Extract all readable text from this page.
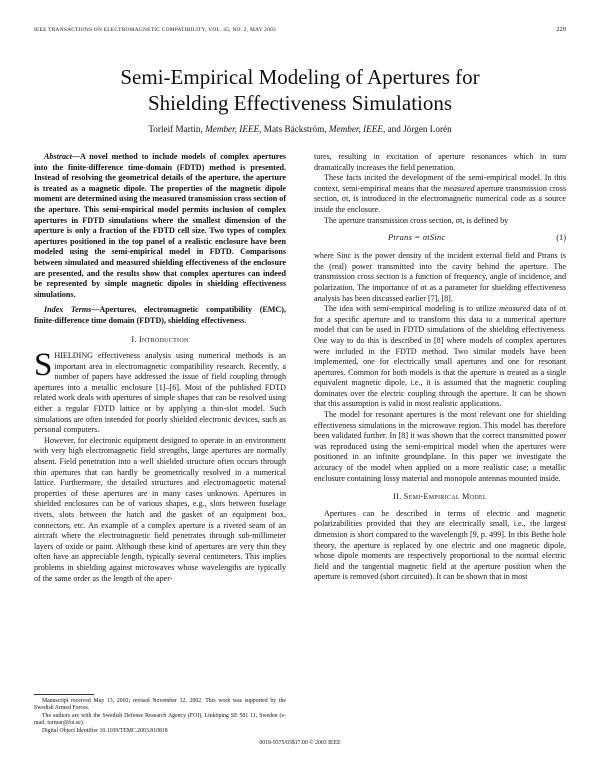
IEEE TRANSACTIONS ON ELECTROMAGNETIC COMPATIBILITY, VOL. 45, NO. 2, MAY 2003	229
Semi-Empirical Modeling of Apertures for
Shielding Effectiveness Simulations
Torleif Martin, Member, IEEE, Mats Bäckström, Member, IEEE, and Jörgen Lorén

Abstract—A novel method to include models of complex apertures into the finite-difference time-domain (FDTD) method is presented. Instead of resolving the geometrical details of the aperture, the aperture is treated as a magnetic dipole. The properties of the magnetic dipole moment are determined using the measured transmission cross section of the aperture. This semi-empirical model permits inclusion of complex apertures in FDTD simulations where the smallest dimension of the aperture is only a fraction of the FDTD cell size. Two types of complex apertures positioned in the top panel of a realistic enclosure have been modeled using the semi-empirical model in FDTD. Comparisons between simulated and measured shielding effectiveness of the enclosure are presented, and the results show that complex apertures can indeed be represented by simple magnetic dipoles in shielding effectiveness simulations.

Index Terms—Apertures, electromagnetic compatibility (EMC), finite-difference time domain (FDTD), shielding effectiveness.

I. Introduction

SHIELDING effectiveness analysis using numerical methods is an important area in electromagnetic compatibility research. Recently, a number of papers have addressed the issue of field coupling through apertures into a metallic enclosure [1]–[6]. Most of the published FDTD related work deals with apertures of simple shapes that can be resolved using either a regular FDTD lattice or by applying a thin-slot model. Such simulations are often intended for poorly shielded electronic devices, such as personal computers.

However, for electronic equipment designed to operate in an environment with very high electromagnetic field strengths, large apertures are normally absent. Field penetration into a well shielded structure often occurs through thin apertures that can hardly be geometrically resolved in a numerical lattice. Furthermore, the detailed structures and electromagnetic material properties of these apertures are in many cases unknown. Apertures in shielded enclosures can be of various shapes, e.g., slots between fuselage rivets, slots between the hatch and the gasket of an equipment box, connectors, etc. An example of a complex aperture is a riveted seam of an aircraft where the electromagnetic field penetrates through sub-millimeter layers of oxide or paint. Although these kind of apertures are very thin they often have an appreciable length, typically several centimeters. This implies problems in shielding against microwaves whose wavelengths are typically of the same order as the length of the aper-

tures, resulting in excitation of aperture resonances which in turn dramatically increases the field penetration.

These facts incited the development of the semi-empirical model. In this context, semi-empirical means that the measured aperture transmission cross section, σt, is introduced in the electromagnetic numerical code as a source inside the enclosure.

The aperture transmission cross section, σt, is defined by

Ptrans = σtSinc	(1)

where Sinc is the power density of the incident external field and Ptrans is the (real) power transmitted into the cavity behind the aperture. The transmission cross section is a function of frequency, angle of incidence, and polarization. The importance of σt as a parameter for shielding effectiveness analysis has been discussed earlier [7], [8].

The idea with semi-empirical modeling is to utilize measured data of σt for a specific aperture and to transform this data to a numerical aperture model that can be used in FDTD simulations of the shielding effectiveness. One way to do this is described in [8] where models of complex apertures were included in the FDTD method. Two similar models have been implemented, one for electrically small apertures and one for resonant apertures. Common for both models is that the aperture is treated as a single equivalent magnetic dipole, i.e., it is assumed that the magnetic coupling dominates over the electric coupling through the aperture. It can be shown that this assumption is valid in most realistic applications.

The model for resonant apertures is the most relevant one for shielding effectiveness simulations in the microwave region. This model has therefore been validated further. In [8] it was shown that the correct transmitted power was reproduced using the semi-empirical model when the apertures were positioned in an infinite groundplane. In this paper we investigate the accuracy of the model when applied on a more realistic case; a metallic enclosure containing lossy material and monopole antennas mounted inside.

II. Semi-Empirical Model

Apertures can be described in terms of electric and magnetic polarizabilities provided that they are electrically small, i.e., the largest dimension is short compared to the wavelength [9, p. 499]. In this Bethe hole theory, the aperture is replaced by one electric and one magnetic dipole, whose dipole moments are respectively proportional to the normal electric field and the tangential magnetic field at the aperture position when the aperture is removed (short circuited). It can be shown that in most

Manuscript received May 13, 2002; revised November 12, 2002. This work was supported by the Swedish Armed Forces.

The authors are with the Swedish Defense Research Agency (FOI), Linköping SE 581 11, Sweden (e-mail: tormar@foi.se).

Digital Object Identifier 10.1109/TEMC.2003.810818

0018-9375/03$17.00 © 2003 IEEE
